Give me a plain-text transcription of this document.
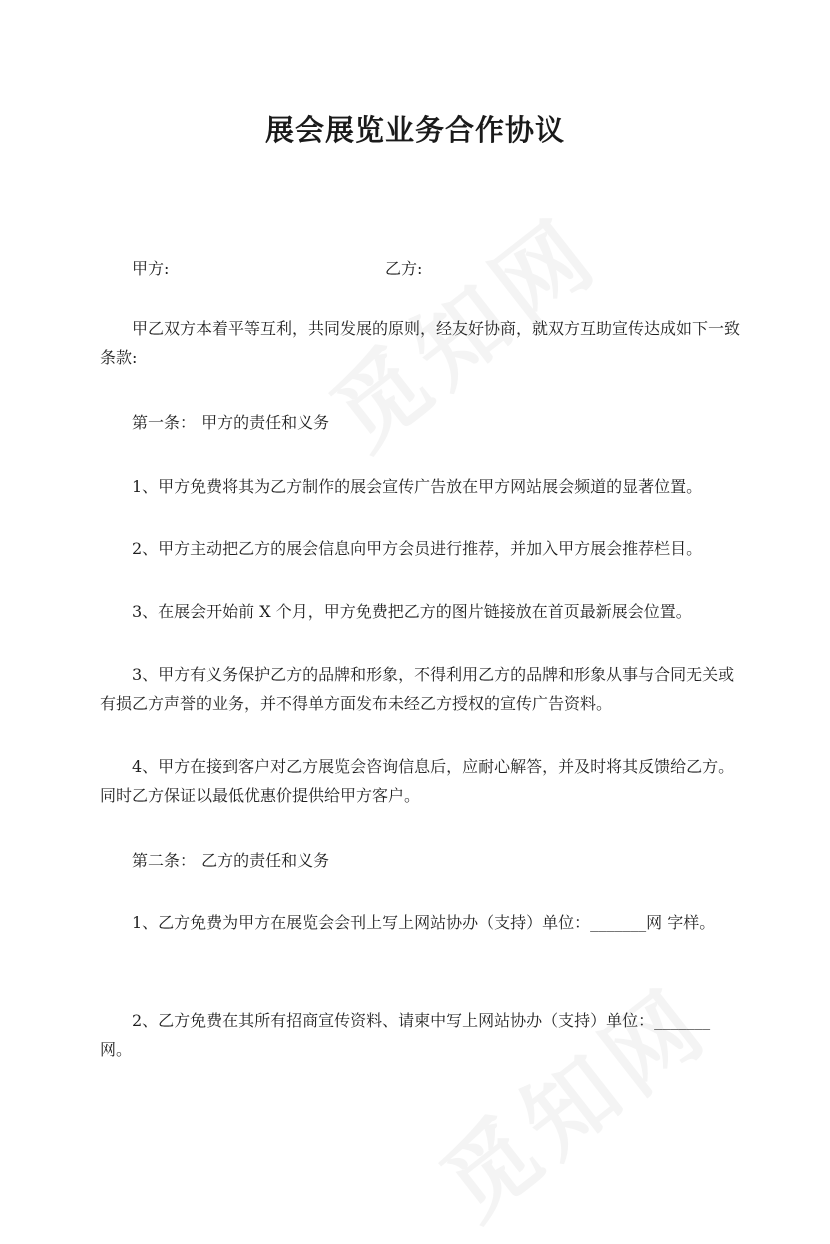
展会展览业务合作协议
甲方:	乙方:

甲乙双方本着平等互利，共同发展的原则，经友好协商，就双方互助宣传达成如下一致条款:

第一条： 甲方的责任和义务

1、甲方免费将其为乙方制作的展会宣传广告放在甲方网站展会频道的显著位置。

2、甲方主动把乙方的展会信息向甲方会员进行推荐，并加入甲方展会推荐栏目。

3、在展会开始前 X 个月，甲方免费把乙方的图片链接放在首页最新展会位置。

3、甲方有义务保护乙方的品牌和形象，不得利用乙方的品牌和形象从事与合同无关或有损乙方声誉的业务，并不得单方面发布未经乙方授权的宣传广告资料。

4、甲方在接到客户对乙方展览会咨询信息后，应耐心解答，并及时将其反馈给乙方。同时乙方保证以最低优惠价提供给甲方客户。

第二条： 乙方的责任和义务

1、乙方免费为甲方在展览会会刊上写上网站协办（支持）单位：_______网 字样。

2、乙方免费在其所有招商宣传资料、请柬中写上网站协办（支持）单位：_______网。
